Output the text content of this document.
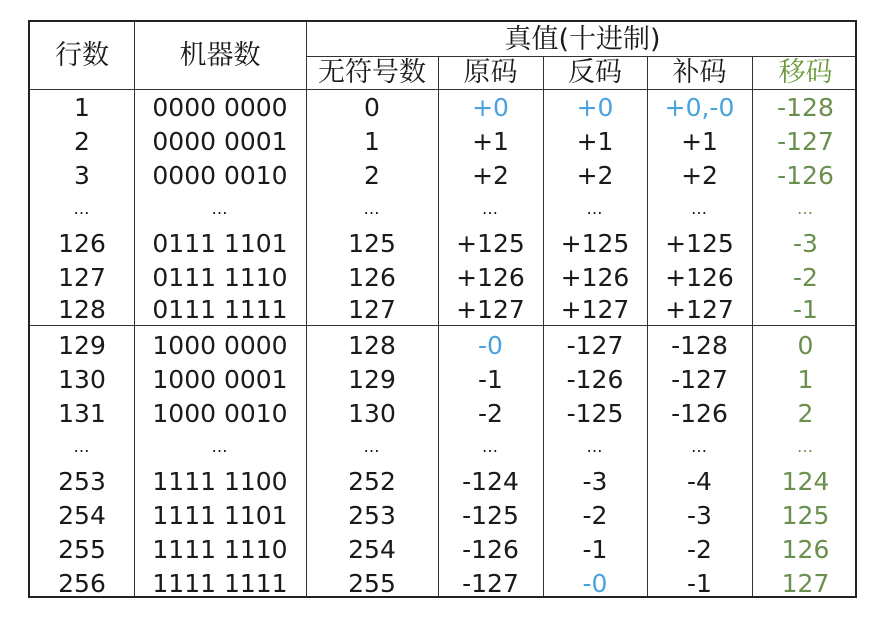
行数	机器数
真值(十进制)
无符号数	原码	反码	补码	移码
1	0000 0000	0	+0	+0	+0,-0	-128
2	0000 0001	1	+1	+1	+1	-127
3	0000 0010	2	+2	+2	+2	-126
…	…	…	…	…	…	…
126	0111 1101	125	+125	+125	+125	-3
127	0111 1110	126	+126	+126	+126	-2
128	0111 1111	127	+127	+127	+127	-1
129	1000 0000	128	-0	-127	-128	0
130	1000 0001	129	-1	-126	-127	1
131	1000 0010	130	-2	-125	-126	2
…	…	…	…	…	…	…
253	1111 1100	252	-124	-3	-4	124
254	1111 1101	253	-125	-2	-3	125
255	1111 1110	254	-126	-1	-2	126
256	1111 1111	255	-127	-0	-1	127
